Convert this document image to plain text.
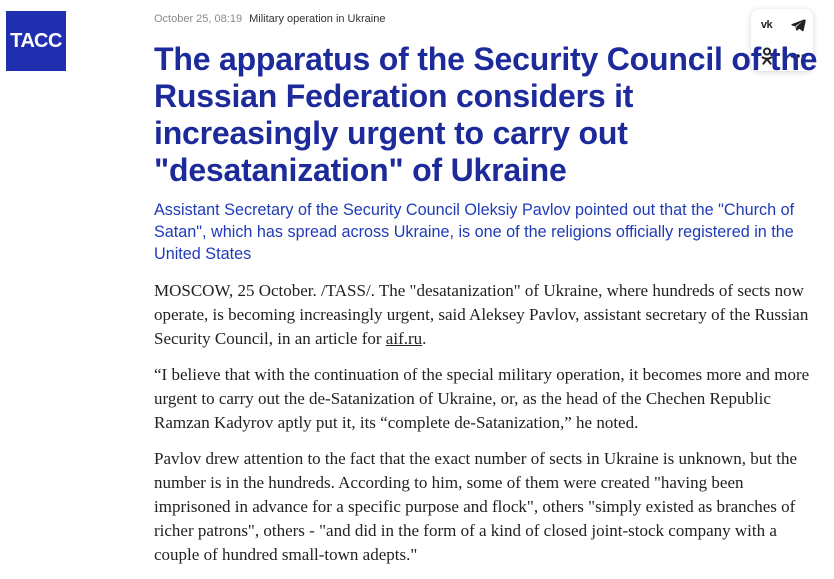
ТАСС
October 25, 08:19 Military operation in Ukraine	vk
The apparatus of the Security Council of the Russian Federation considers it increasingly urgent to carry out "desatanization" of Ukraine

Assistant Secretary of the Security Council Oleksiy Pavlov pointed out that the "Church of Satan", which has spread across Ukraine, is one of the religions officially registered in the United States

MOSCOW, 25 October. /TASS/. The "desatanization" of Ukraine, where hundreds of sects now operate, is becoming increasingly urgent, said Aleksey Pavlov, assistant secretary of the Russian Security Council, in an article for aif.ru.

“I believe that with the continuation of the special military operation, it becomes more and more urgent to carry out the de-Satanization of Ukraine, or, as the head of the Chechen Republic Ramzan Kadyrov aptly put it, its “complete de-Satanization,” he noted.

Pavlov drew attention to the fact that the exact number of sects in Ukraine is unknown, but the number is in the hundreds. According to him, some of them were created "having been imprisoned in advance for a specific purpose and flock", others "simply existed as branches of richer patrons", others - "and did in the form of a kind of closed joint-stock company with a couple of hundred small-town adepts."
